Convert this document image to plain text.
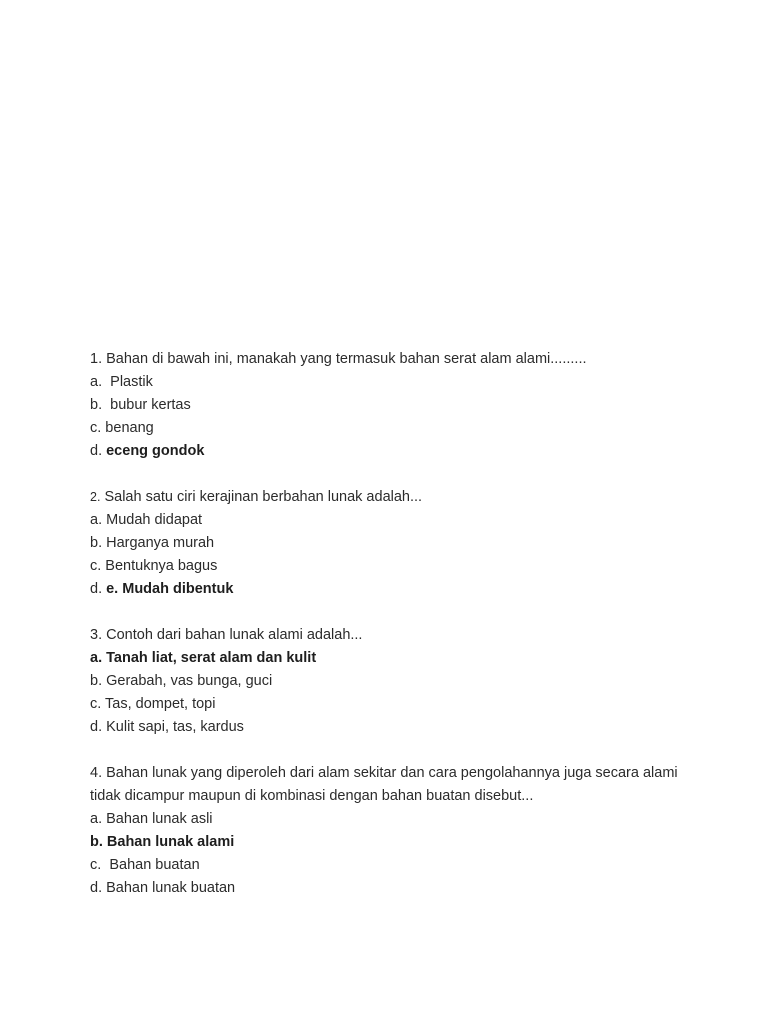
1. Bahan di bawah ini, manakah yang termasuk bahan serat alam alami.........
a.  Plastik
b.  bubur kertas
c. benang
d. eceng gondok
2. Salah satu ciri kerajinan berbahan lunak adalah...
a. Mudah didapat
b. Harganya murah
c. Bentuknya bagus
d. e. Mudah dibentuk
3. Contoh dari bahan lunak alami adalah...
a. Tanah liat, serat alam dan kulit
b. Gerabah, vas bunga, guci
c. Tas, dompet, topi
d. Kulit sapi, tas, kardus
4. Bahan lunak yang diperoleh dari alam sekitar dan cara pengolahannya juga secara alami tidak dicampur maupun di kombinasi dengan bahan buatan disebut...
a. Bahan lunak asli
b. Bahan lunak alami
c.  Bahan buatan
d. Bahan lunak buatan
